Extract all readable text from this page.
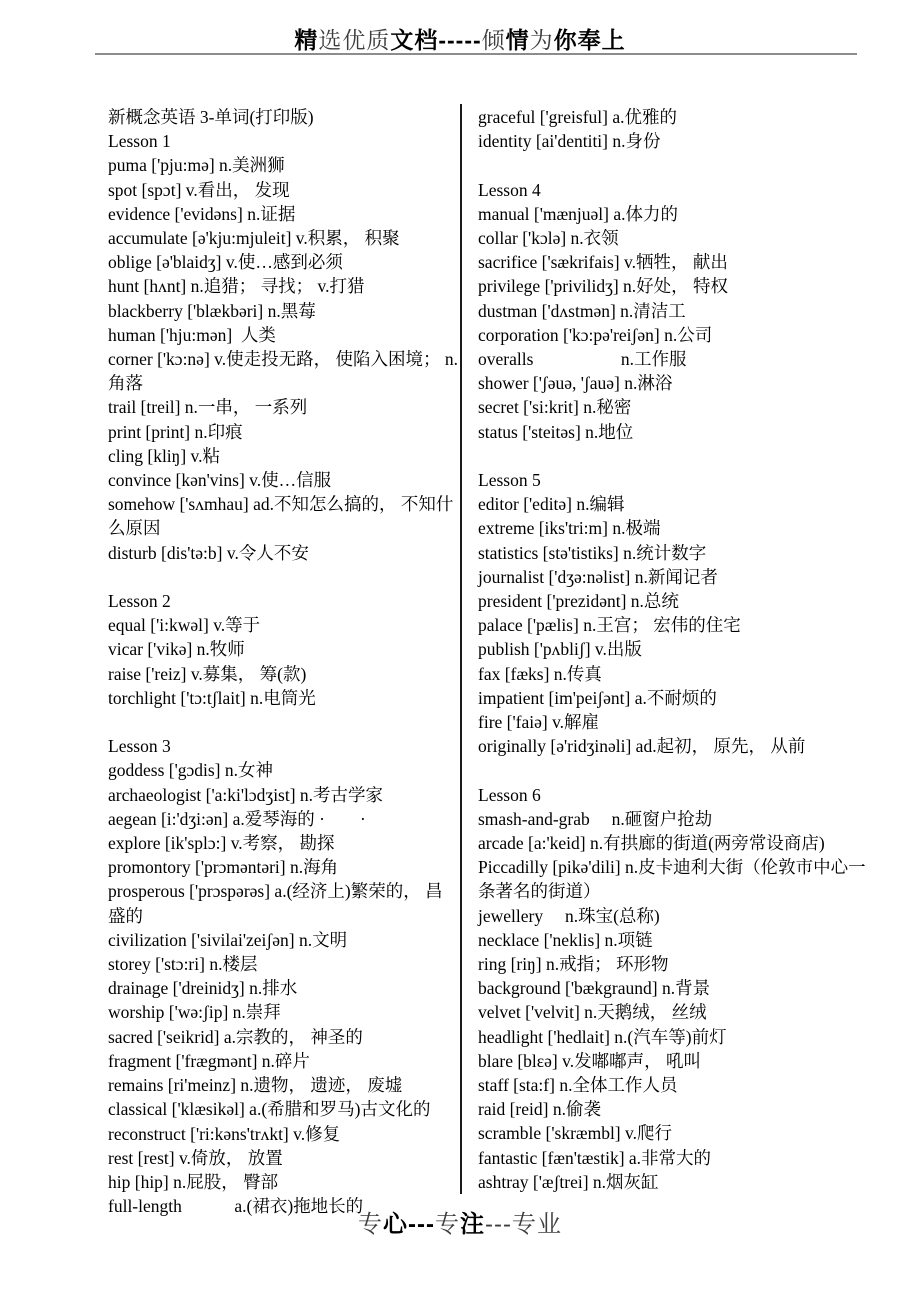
精选优质文档-----倾情为你奉上
新概念英语 3-单词(打印版)
Lesson 1
puma ['pju:mə] n.美洲狮
spot [spɔt] v.看出， 发现
evidence ['evidəns] n.证据
accumulate [ə'kju:mjuleit] v.积累， 积聚
oblige [ə'blaidʒ] v.使…感到必须
hunt [hʌnt] n.追猎； 寻找； v.打猎
blackberry ['blækbəri] n.黑莓
human ['hju:mən]  人类
corner ['kɔ:nə] v.使走投无路， 使陷入困境； n.角落
trail [treil] n.一串， 一系列
print [print] n.印痕
cling [kliŋ] v.粘
convince [kən'vins] v.使…信服
somehow ['sʌmhau] ad.不知怎么搞的， 不知什么原因
disturb [dis'tə:b] v.令人不安
Lesson 2
equal ['i:kwəl] v.等于
vicar ['vikə] n.牧师
raise ['reiz] v.募集， 筹(款)
torchlight ['tɔ:tʃlait] n.电筒光
Lesson 3
goddess ['gɔdis] n.女神
archaeologist ['a:ki'lɔdʒist] n.考古学家
aegean [i:'dʒi:ən] a.爱琴海的 ·　　·
explore [ik'splɔ:] v.考察， 勘探
promontory ['prɔməntəri] n.海角
prosperous ['prɔspərəs] a.(经济上)繁荣的， 昌盛的
civilization ['sivilai'zeiʃən] n.文明
storey ['stɔ:ri] n.楼层
drainage ['dreinidʒ] n.排水
worship ['wə:ʃip] n.崇拜
sacred ['seikrid] a.宗教的， 神圣的
fragment ['frægmənt] n.碎片
remains [ri'meinz] n.遗物， 遗迹， 废墟
classical ['klæsikəl] a.(希腊和罗马)古文化的
reconstruct ['ri:kəns'trʌkt] v.修复
rest [rest] v.倚放， 放置
hip [hip] n.屁股， 臀部
full-length　　　a.(裙衣)拖地长的
graceful ['greisful] a.优雅的
identity [ai'dentiti] n.身份
Lesson 4
manual ['mænjuəl] a.体力的
collar ['kɔlə] n.衣领
sacrifice ['sækrifais] v.牺牲， 献出
privilege ['privilidʒ] n.好处， 特权
dustman ['dʌstmən] n.清洁工
corporation ['kɔ:pə'reiʃən] n.公司
overalls　　　　　n.工作服
shower ['ʃəuə, 'ʃauə] n.淋浴
secret ['si:krit] n.秘密
status ['steitəs] n.地位
Lesson 5
editor ['editə] n.编辑
extreme [iks'tri:m] n.极端
statistics [stə'tistiks] n.统计数字
journalist ['dʒə:nəlist] n.新闻记者
president ['prezidənt] n.总统
palace ['pælis] n.王宫； 宏伟的住宅
publish ['pʌbliʃ] v.出版
fax [fæks] n.传真
impatient [im'peiʃənt] a.不耐烦的
fire ['faiə] v.解雇
originally [ə'ridʒinəli] ad.起初， 原先， 从前
Lesson 6
smash-and-grab　 n.砸窗户抢劫
arcade [a:'keid] n.有拱廊的街道(两旁常设商店)
Piccadilly [pikə'dili] n.皮卡迪利大街（伦敦市中心一条著名的街道）
jewellery　 n.珠宝(总称)
necklace ['neklis] n.项链
ring [riŋ] n.戒指； 环形物
background ['bækgraund] n.背景
velvet ['velvit] n.天鹅绒， 丝绒
headlight ['hedlait] n.(汽车等)前灯
blare [blɛə] v.发嘟嘟声， 吼叫
staff [sta:f] n.全体工作人员
raid [reid] n.偷袭
scramble ['skræmbl] v.爬行
fantastic [fæn'tæstik] a.非常大的
ashtray ['æʃtrei] n.烟灰缸
专心---专注---专业
